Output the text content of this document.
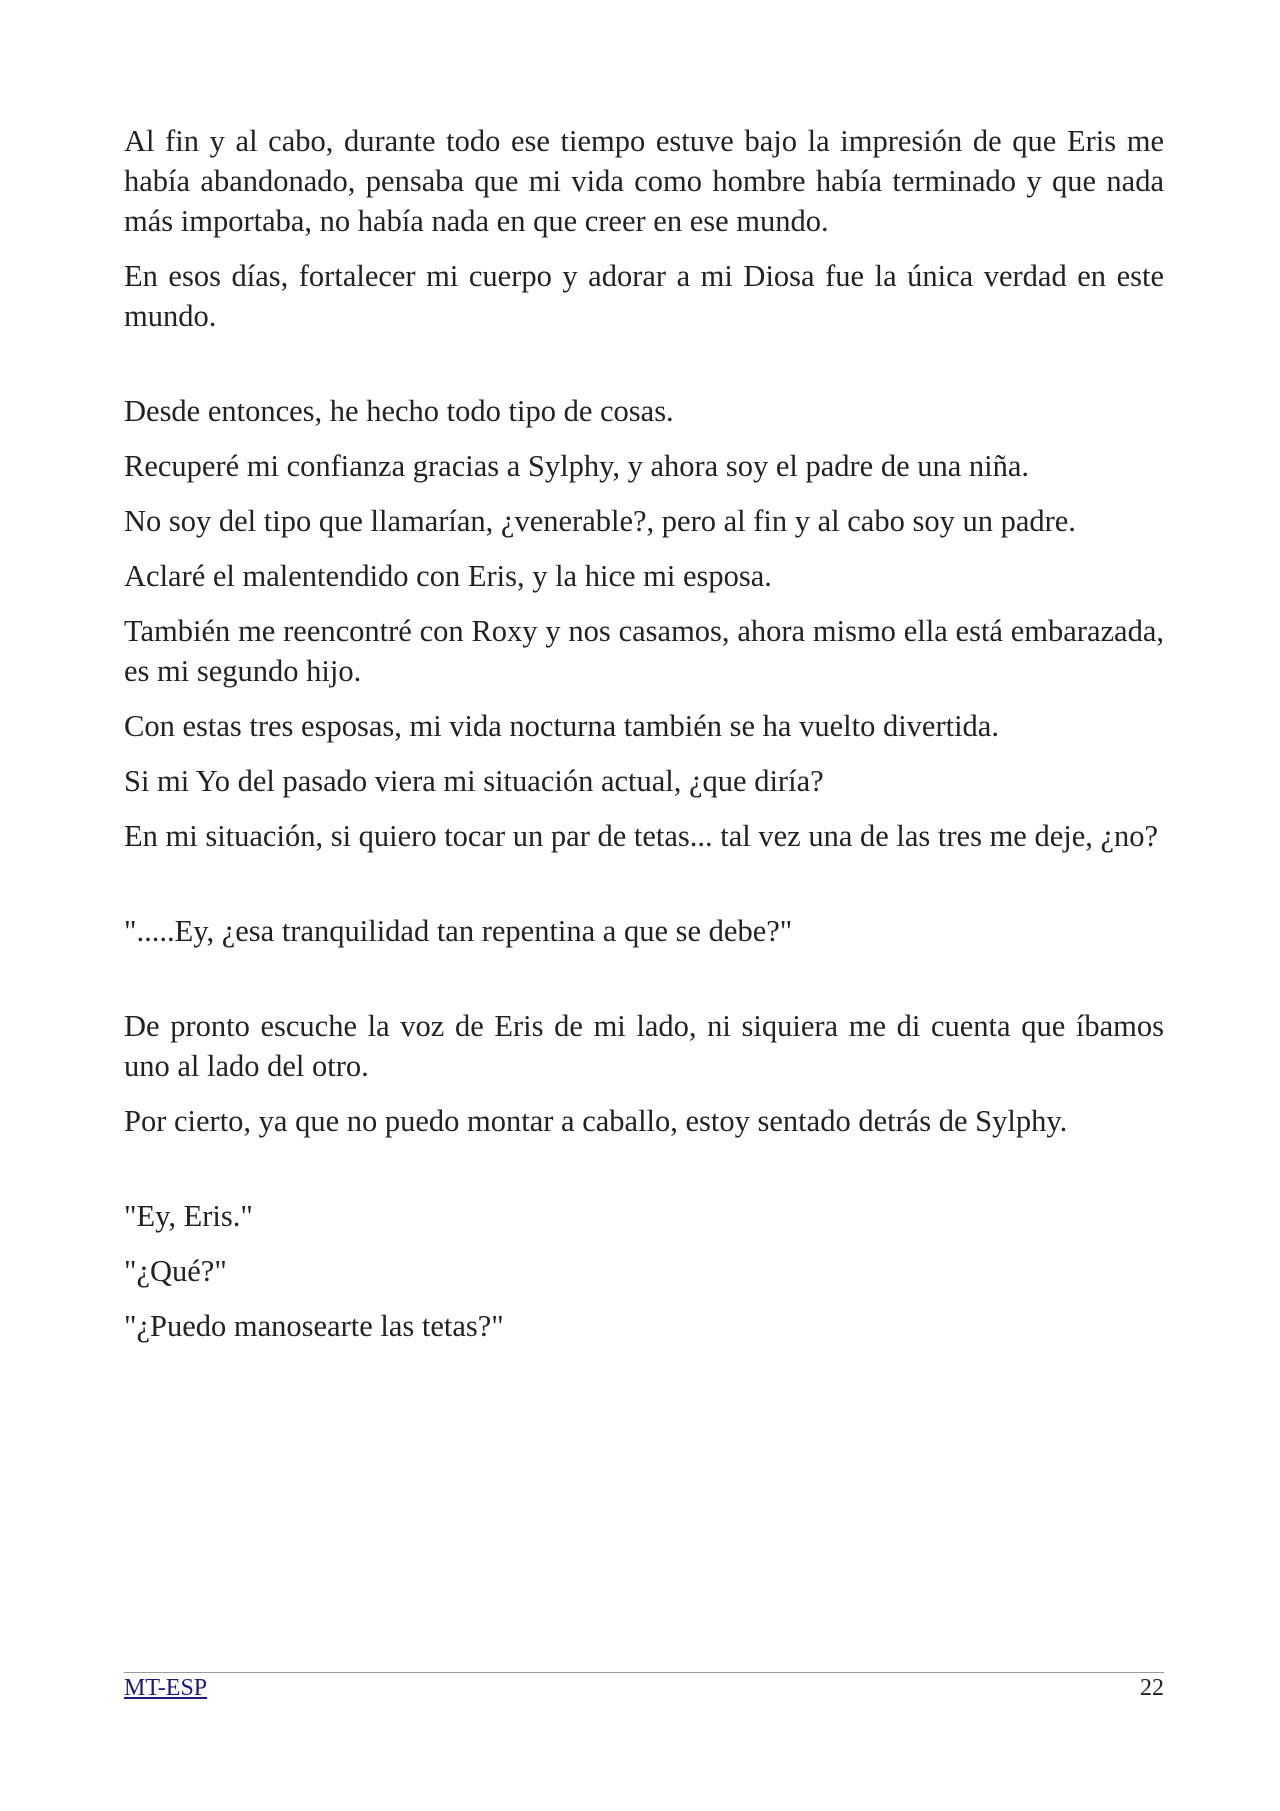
Al fin y al cabo, durante todo ese tiempo estuve bajo la impresión de que Eris me había abandonado, pensaba que mi vida como hombre había terminado y que nada más importaba, no había nada en que creer en ese mundo.

En esos días, fortalecer mi cuerpo y adorar a mi Diosa fue la única verdad en este mundo.

Desde entonces, he hecho todo tipo de cosas.

Recuperé mi confianza gracias a Sylphy, y ahora soy el padre de una niña.

No soy del tipo que llamarían, ¿venerable?, pero al fin y al cabo soy un padre.

Aclaré el malentendido con Eris, y la hice mi esposa.

También me reencontré con Roxy y nos casamos, ahora mismo ella está embarazada, es mi segundo hijo.

Con estas tres esposas, mi vida nocturna también se ha vuelto divertida.

Si mi Yo del pasado viera mi situación actual, ¿que diría?

En mi situación, si quiero tocar un par de tetas... tal vez una de las tres me deje, ¿no?

".....Ey, ¿esa tranquilidad tan repentina a que se debe?"

De pronto escuche la voz de Eris de mi lado, ni siquiera me di cuenta que íbamos uno al lado del otro.

Por cierto, ya que no puedo montar a caballo, estoy sentado detrás de Sylphy.

"Ey, Eris."

"¿Qué?"

"¿Puedo manosearte las tetas?"

MT-ESP	22
